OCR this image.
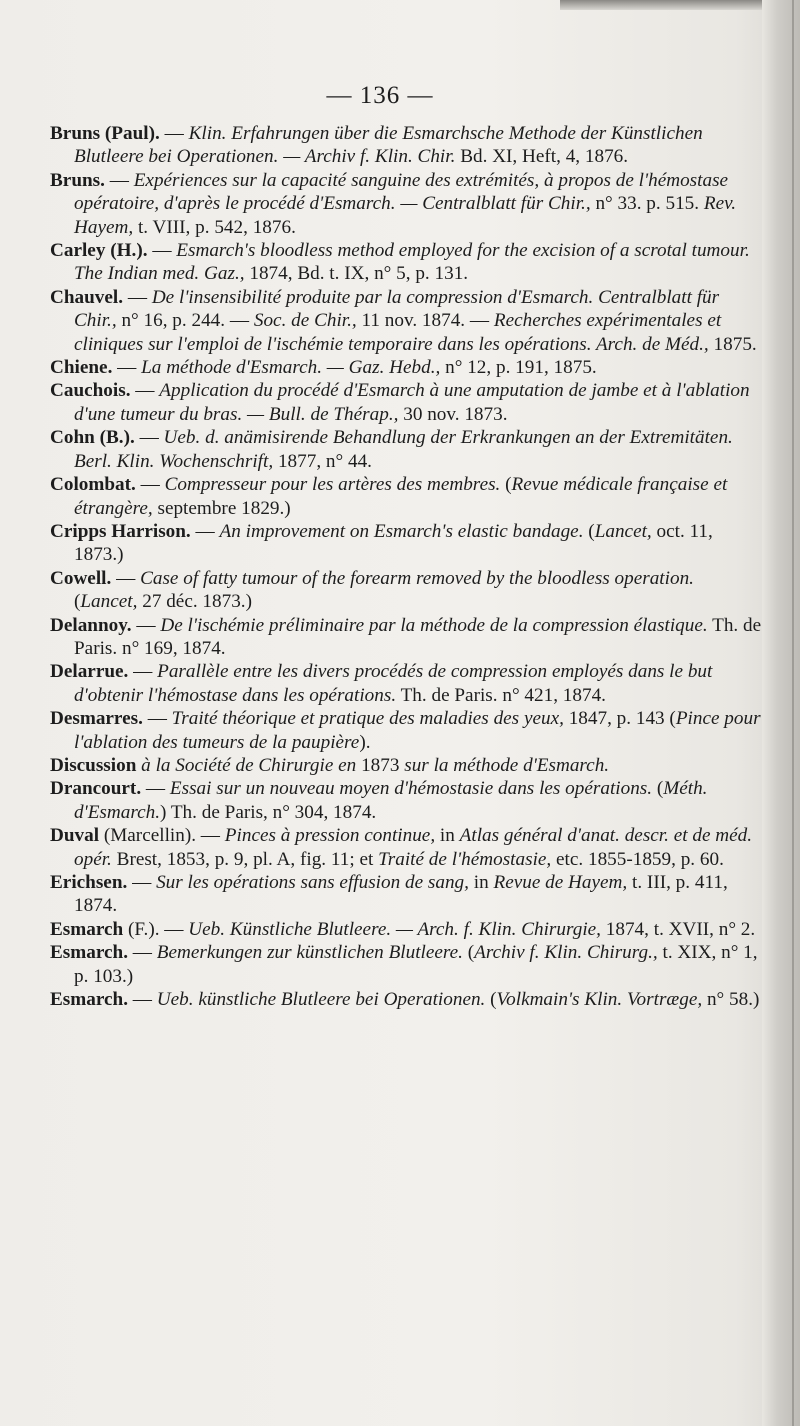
— 136 —

Bruns (Paul). — Klin. Erfahrungen über die Esmarchsche Methode der Künstlichen Blutleere bei Operationen. — Archiv f. Klin. Chir. Bd. XI, Heft, 4, 1876.

Bruns. — Expériences sur la capacité sanguine des extrémités, à propos de l'hémostase opératoire, d'après le procédé d'Esmarch. — Centralblatt für Chir., n° 33. p. 515. Rev. Hayem, t. VIII, p. 542, 1876.

Carley (H.). — Esmarch's bloodless method employed for the excision of a scrotal tumour. The Indian med. Gaz., 1874, Bd. t. IX, n° 5, p. 131.

Chauvel. — De l'insensibilité produite par la compression d'Esmarch. Centralblatt für Chir., n° 16, p. 244. — Soc. de Chir., 11 nov. 1874. — Recherches expérimentales et cliniques sur l'emploi de l'ischémie temporaire dans les opérations. Arch. de Méd., 1875.

Chiene. — La méthode d'Esmarch. — Gaz. Hebd., n° 12, p. 191, 1875.

Cauchois. — Application du procédé d'Esmarch à une amputation de jambe et à l'ablation d'une tumeur du bras. — Bull. de Thérap., 30 nov. 1873.

Cohn (B.). — Ueb. d. anämisirende Behandlung der Erkrankungen an der Extremitäten. Berl. Klin. Wochenschrift, 1877, n° 44.

Colombat. — Compresseur pour les artères des membres. (Revue médicale française et étrangère, septembre 1829.)

Cripps Harrison. — An improvement on Esmarch's elastic bandage. (Lancet, oct. 11, 1873.)

Cowell. — Case of fatty tumour of the forearm removed by the bloodless operation. (Lancet, 27 déc. 1873.)

Delannoy. — De l'ischémie préliminaire par la méthode de la compression élastique. Th. de Paris. n° 169, 1874.

Delarrue. — Parallèle entre les divers procédés de compression employés dans le but d'obtenir l'hémostase dans les opérations. Th. de Paris. n° 421, 1874.

Desmarres. — Traité théorique et pratique des maladies des yeux, 1847, p. 143 (Pince pour l'ablation des tumeurs de la paupière).

Discussion à la Société de Chirurgie en 1873 sur la méthode d'Esmarch.

Drancourt. — Essai sur un nouveau moyen d'hémostasie dans les opérations. (Méth. d'Esmarch.) Th. de Paris, n° 304, 1874.

Duval (Marcellin). — Pinces à pression continue, in Atlas général d'anat. descr. et de méd. opér. Brest, 1853, p. 9, pl. A, fig. 11; et Traité de l'hémostasie, etc. 1855-1859, p. 60.

Erichsen. — Sur les opérations sans effusion de sang, in Revue de Hayem, t. III, p. 411, 1874.

Esmarch (F.). — Ueb. Künstliche Blutleere. — Arch. f. Klin. Chirurgie, 1874, t. XVII, n° 2.

Esmarch. — Bemerkungen zur künstlichen Blutleere. (Archiv f. Klin. Chirurg., t. XIX, n° 1, p. 103.)

Esmarch. — Ueb. künstliche Blutleere bei Operationen. (Volkmain's Klin. Vortræge, n° 58.)
